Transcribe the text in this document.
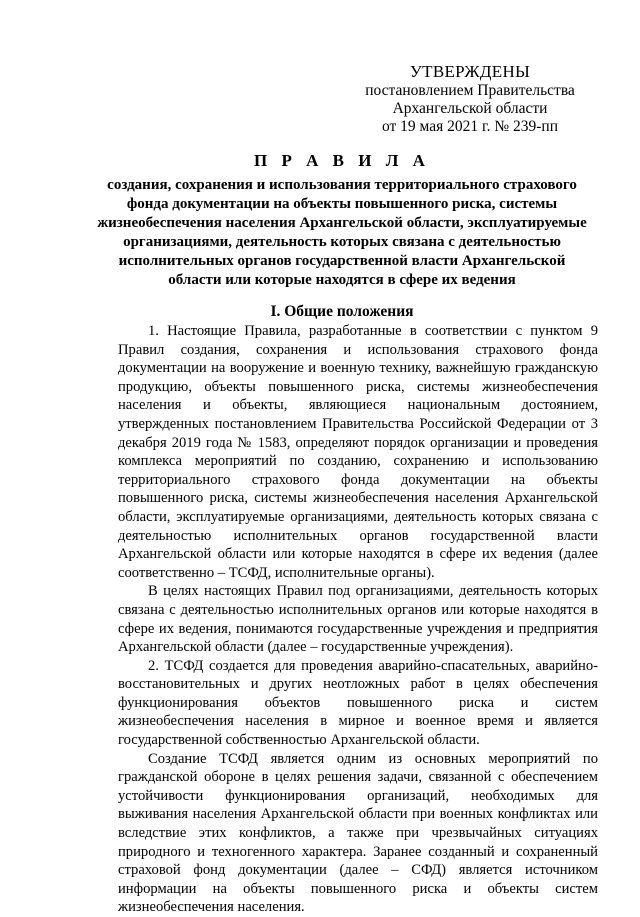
УТВЕРЖДЕНЫ
постановлением Правительства
Архангельской области
от 19 мая 2021 г. № 239-пп
П Р А В И Л А
создания, сохранения и использования территориального страхового фонда документации на объекты повышенного риска, системы жизнеобеспечения населения Архангельской области, эксплуатируемые организациями, деятельность которых связана с деятельностью исполнительных органов государственной власти Архангельской области или которые находятся в сфере их ведения
I. Общие положения

1. Настоящие Правила, разработанные в соответствии с пунктом 9 Правил создания, сохранения и использования страхового фонда документации на вооружение и военную технику, важнейшую гражданскую продукцию, объекты повышенного риска, системы жизнеобеспечения населения и объекты, являющиеся национальным достоянием, утвержденных постановлением Правительства Российской Федерации от 3 декабря 2019 года № 1583, определяют порядок организации и проведения комплекса мероприятий по созданию, сохранению и использованию территориального страхового фонда документации на объекты повышенного риска, системы жизнеобеспечения населения Архангельской области, эксплуатируемые организациями, деятельность которых связана с деятельностью исполнительных органов государственной власти Архангельской области или которые находятся в сфере их ведения (далее соответственно – ТСФД, исполнительные органы).

В целях настоящих Правил под организациями, деятельность которых связана с деятельностью исполнительных органов или которые находятся в сфере их ведения, понимаются государственные учреждения и предприятия Архангельской области (далее – государственные учреждения).

2. ТСФД создается для проведения аварийно-спасательных, аварийно-восстановительных и других неотложных работ в целях обеспечения функционирования объектов повышенного риска и систем жизнеобеспечения населения в мирное и военное время и является государственной собственностью Архангельской области.

Создание ТСФД является одним из основных мероприятий по гражданской обороне в целях решения задачи, связанной с обеспечением устойчивости функционирования организаций, необходимых для выживания населения Архангельской области при военных конфликтах или вследствие этих конфликтов, а также при чрезвычайных ситуациях природного и техногенного характера. Заранее созданный и сохраненный страховой фонд документации (далее – СФД) является источником информации на объекты повышенного риска и объекты систем жизнеобеспечения населения.
